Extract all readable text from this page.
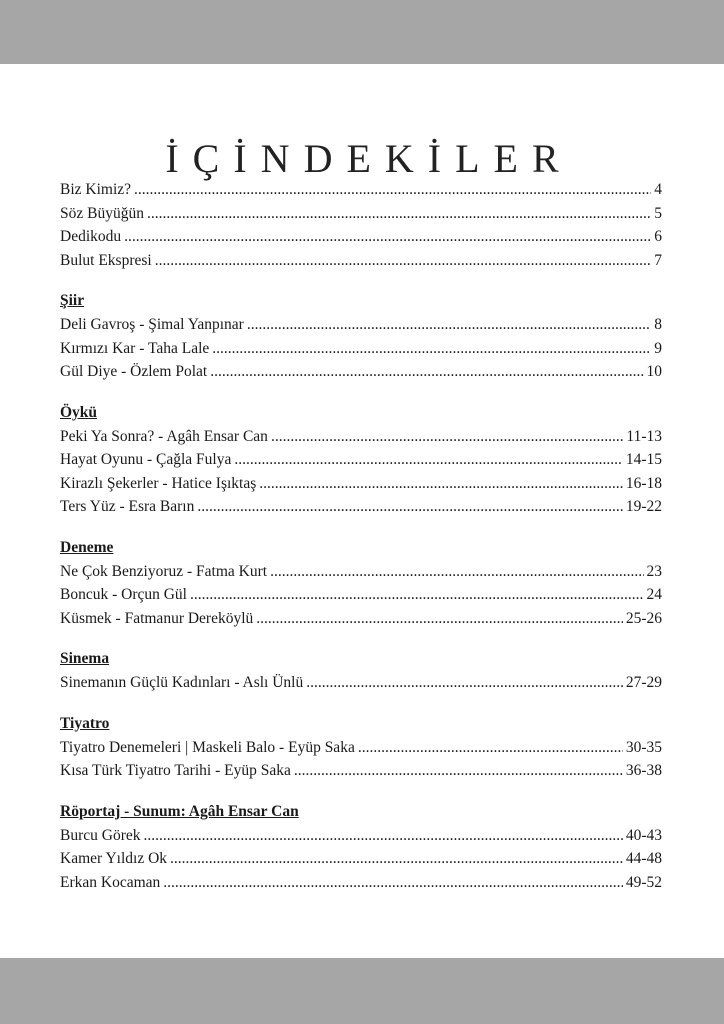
İÇİNDEKİLER
Biz Kimiz? .....	4
Söz Büyüğün .....	5
Dedikodu .....	6
Bulut Ekspresi .....	7
Şiir
Deli Gavroş - Şimal Yanpınar .....	8
Kırmızı Kar - Taha Lale .....	9
Gül Diye - Özlem Polat .....	10
Öykü
Peki Ya Sonra? - Agâh Ensar Can .....	11-13
Hayat Oyunu - Çağla Fulya .....	14-15
Kirazlı Şekerler - Hatice Işıktaş .....	16-18
Ters Yüz - Esra Barın .....	19-22
Deneme
Ne Çok Benziyoruz - Fatma Kurt .....	23
Boncuk - Orçun Gül .....	24
Küsmek - Fatmanur Dereköylü .....	25-26
Sinema
Sinemanın Güçlü Kadınları - Aslı Ünlü .....	27-29
Tiyatro
Tiyatro Denemeleri | Maskeli Balo - Eyüp Saka .....	30-35
Kısa Türk Tiyatro Tarihi - Eyüp Saka .....	36-38
Röportaj - Sunum: Agâh Ensar Can
Burcu Görek .....	40-43
Kamer Yıldız Ok .....	44-48
Erkan Kocaman .....	49-52
